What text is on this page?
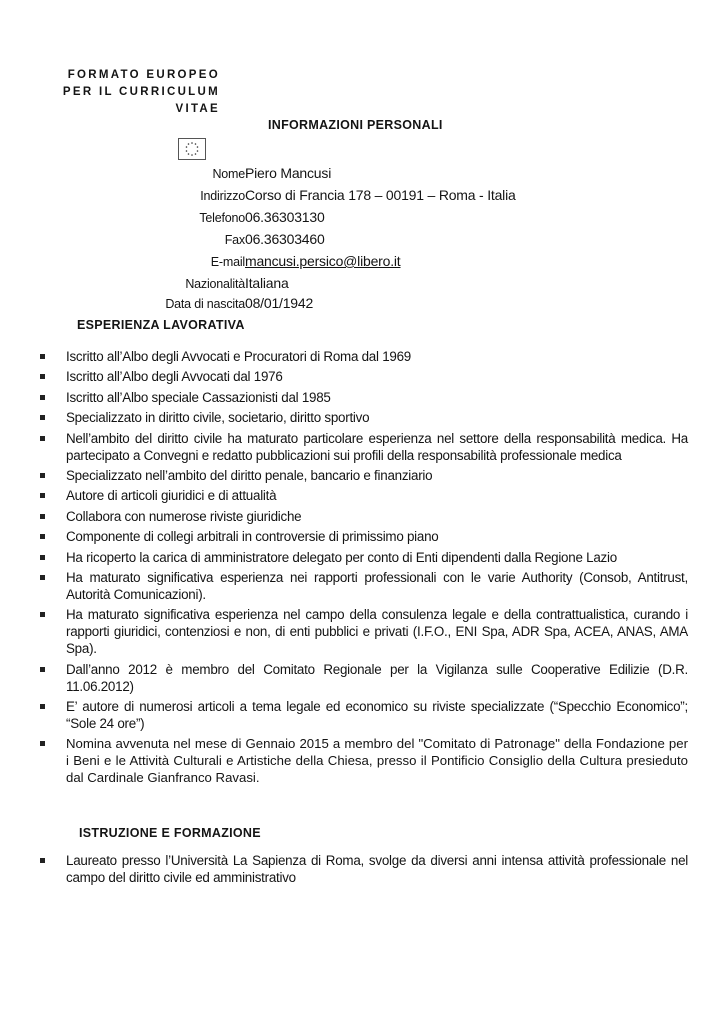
FORMATO EUROPEO
PER IL CURRICULUM
VITAE
INFORMAZIONI PERSONALI
Nome Piero Mancusi
Indirizzo Corso di Francia 178 – 00191 – Roma - Italia
Telefono 06.36303130
Fax 06.36303460
E-mail mancusi.persico@libero.it
Nazionalità Italiana
Data di nascita 08/01/1942
ESPERIENZA LAVORATIVA
Iscritto all’Albo degli Avvocati e Procuratori di Roma dal 1969
Iscritto all’Albo degli Avvocati dal 1976
Iscritto all’Albo speciale Cassazionisti dal 1985
Specializzato in diritto civile, societario, diritto sportivo
Nell’ambito del diritto civile ha maturato particolare esperienza nel settore della responsabilità medica. Ha partecipato a Convegni e redatto pubblicazioni sui profili della responsabilità professionale medica
Specializzato nell’ambito del diritto penale, bancario e finanziario
Autore di articoli giuridici e di attualità
Collabora con numerose riviste giuridiche
Componente di collegi arbitrali in controversie di primissimo piano
Ha ricoperto la carica di amministratore delegato per conto di Enti dipendenti dalla Regione Lazio
Ha maturato significativa esperienza nei rapporti professionali con le varie Authority (Consob, Antitrust, Autorità Comunicazioni).
Ha maturato significativa esperienza nel campo della consulenza legale e della contrattualistica, curando i rapporti giuridici, contenziosi e non, di enti pubblici e privati (I.F.O., ENI Spa, ADR Spa, ACEA, ANAS, AMA Spa).
Dall’anno 2012 è membro del Comitato Regionale per la Vigilanza sulle Cooperative Edilizie (D.R. 11.06.2012)
E’ autore di numerosi articoli a tema legale ed economico su riviste specializzate (“Specchio Economico”; “Sole 24 ore”)
Nomina avvenuta nel mese di Gennaio 2015 a membro del "Comitato di Patronage" della Fondazione per i Beni e le Attività Culturali e Artistiche della Chiesa, presso il Pontificio Consiglio della Cultura presieduto dal Cardinale Gianfranco Ravasi.
ISTRUZIONE E FORMAZIONE
Laureato presso l’Università La Sapienza di Roma, svolge da diversi anni intensa attività professionale nel campo del diritto civile ed amministrativo
